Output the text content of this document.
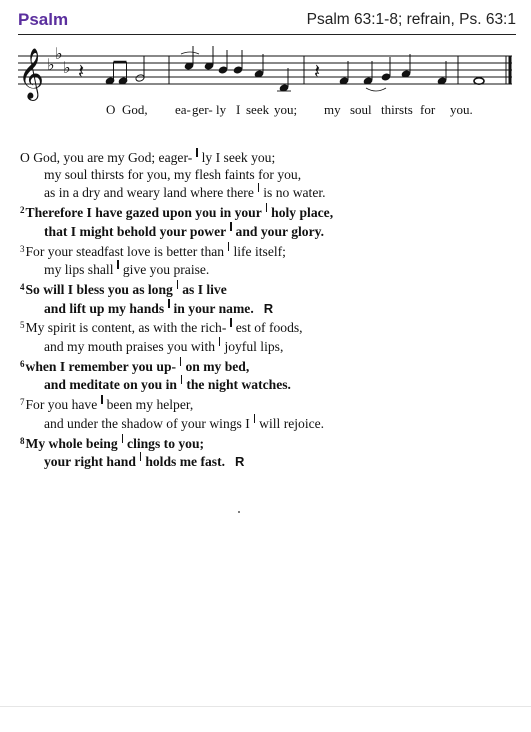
Psalm	Psalm 63:1-8; refrain, Ps. 63:1
𝄞 ♭
♭
♭ 𝄽	𝄽
O God, ea- ger- ly I seek you; my soul thirsts for you.
O God, you are my God; eager- ly I seek you;
my soul thirsts for you, my flesh faints for you,
as in a dry and weary land where there is no water.
$^2$Therefore I have gazed upon you in your holy place,
that I might behold your power and your glory.
$^3$For your steadfast love is better than life itself;
my lips shall give you praise.
$^4$So will I bless you as long as I live
and lift up my hands in your name. R
$^5$My spirit is content, as with the rich- est of foods,
and my mouth praises you with joyful lips,
$^6$when I remember you up- on my bed,
and meditate on you in the night watches.
$^7$For you have been my helper,
and under the shadow of your wings I will rejoice.
$^8$My whole being clings to you;
your right hand holds me fast. R
